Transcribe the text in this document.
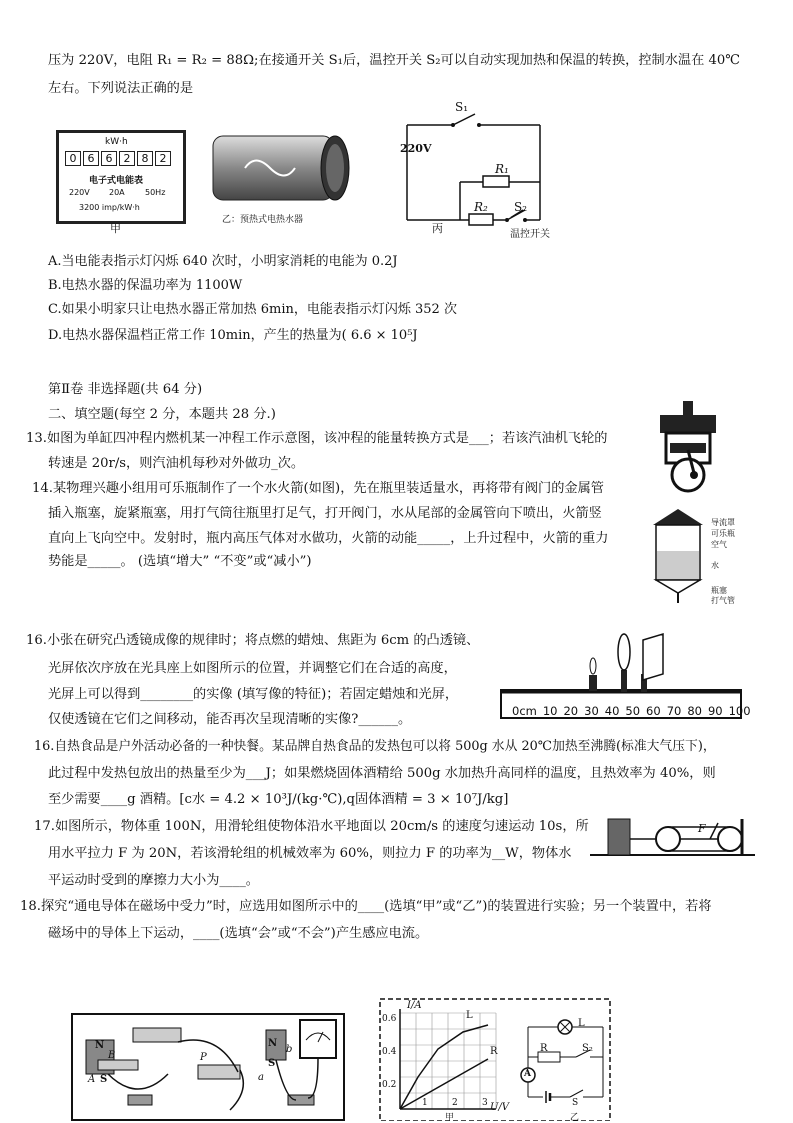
压为 220V，电阻 R₁ = R₂ = 88Ω;在接通开关 S₁后，温控开关 S₂可以自动实现加热和保温的转换，控制水温在 40℃
左右。下列说法正确的是
kW·h
0	6	6	2	8	2
电子式电能表
220V 20A	50Hz
3200 imp/kW·h
甲
乙：预热式电热水器
S₁
220V
R₁
R₂ S₂
丙	温控开关
A.当电能表指示灯闪烁 640 次时，小明家消耗的电能为 0.2J
B.电热水器的保温功率为 1100W
C.如果小明家只让电热水器正常加热 6min，电能表指示灯闪烁 352 次
D.电热水器保温档正常工作 10min，产生的热量为( 6.6 × 10⁵J
第Ⅱ卷 非选择题(共 64 分)
二、填空题(每空 2 分，本题共 28 分.)
13.如图为单缸四冲程内燃机某一冲程工作示意图，该冲程的能量转换方式是___；若该汽油机飞轮的
转速是 20r/s，则汽油机每秒对外做功_次。
14.某物理兴趣小组用可乐瓶制作了一个水火箭(如图)，先在瓶里装适量水，再将带有阀门的金属管
插入瓶塞，旋紧瓶塞，用打气筒往瓶里打足气，打开阀门，水从尾部的金属管向下喷出，火箭竖
直向上飞向空中。发射时，瓶内高压气体对水做功，火箭的动能_____，上升过程中，火箭的重力
势能是_____。 (选填“增大” “不变”或“减小”)
导流罩
可乐瓶
空气
水
瓶塞
打气管
16.小张在研究凸透镜成像的规律时；将点燃的蜡烛、焦距为 6cm 的凸透镜、
光屏依次序放在光具座上如图所示的位置，并调整它们在合适的高度，
光屏上可以得到________的实像 (填写像的特征)；若固定蜡烛和光屏，
仅使透镜在它们之间移动，能否再次呈现清晰的实像?______。
0cm 10 20 30 40 50 60 70 80 90 100
16.自热食品是户外活动必备的一种快餐。某品牌自热食品的发热包可以将 500g 水从 20℃加热至沸腾(标准大气压下)，
此过程中发热包放出的热量至少为___J；如果燃烧固体酒精给 500g 水加热升高同样的温度，且热效率为 40%，则
至少需要____g 酒精。[c水 = 4.2 × 10³J/(kg·℃),q固体酒精 = 3 × 10⁷J/kg]
17.如图所示，物体重 100N，用滑轮组使物体沿水平地面以 20cm/s 的速度匀速运动 10s，所
用水平拉力 F 为 20N，若该滑轮组的机械效率为 60%，则拉力 F 的功率为__W，物体水
平运动时受到的摩擦力大小为____。
F
18.探究“通电导体在磁场中受力”时，应选用如图所示中的____(选填“甲”或“乙”)的装置进行实验；另一个装置中，若将
磁场中的导体上下运动，____(选填“会”或“不会”)产生感应电流。
N
B
A S
P
N
S
a
b
I/A
0.6
0.4
0.2
1	2	3 U/V
L
R
甲
L
R	S₂
A
S
乙
